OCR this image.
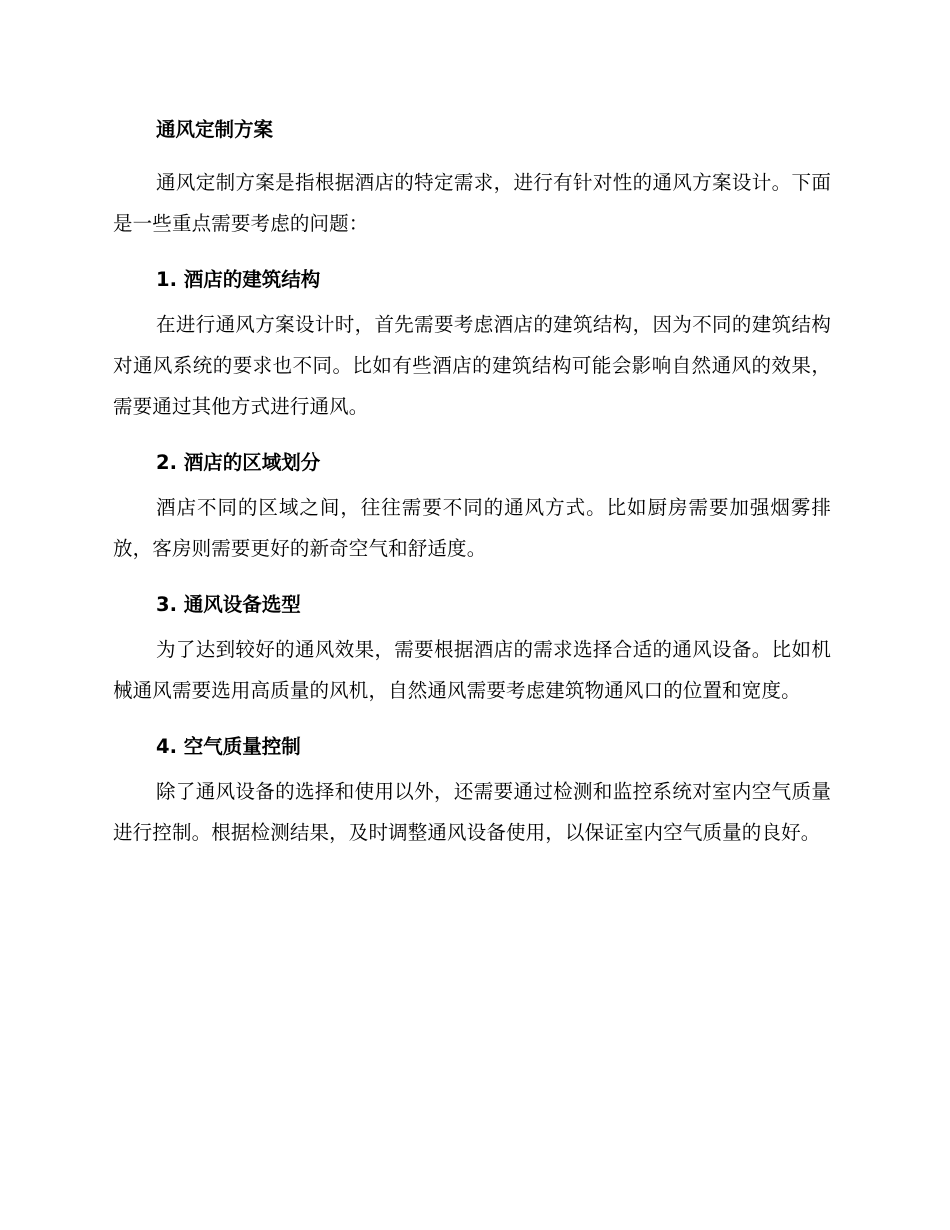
通风定制方案

通风定制方案是指根据酒店的特定需求，进行有针对性的通风方案设计。下面是一些重点需要考虑的问题：

1. 酒店的建筑结构

在进行通风方案设计时，首先需要考虑酒店的建筑结构，因为不同的建筑结构对通风系统的要求也不同。比如有些酒店的建筑结构可能会影响自然通风的效果，需要通过其他方式进行通风。

2. 酒店的区域划分

酒店不同的区域之间，往往需要不同的通风方式。比如厨房需要加强烟雾排放，客房则需要更好的新奇空气和舒适度。

3. 通风设备选型

为了达到较好的通风效果，需要根据酒店的需求选择合适的通风设备。比如机械通风需要选用高质量的风机，自然通风需要考虑建筑物通风口的位置和宽度。

4. 空气质量控制

除了通风设备的选择和使用以外，还需要通过检测和监控系统对室内空气质量进行控制。根据检测结果，及时调整通风设备使用，以保证室内空气质量的良好。
